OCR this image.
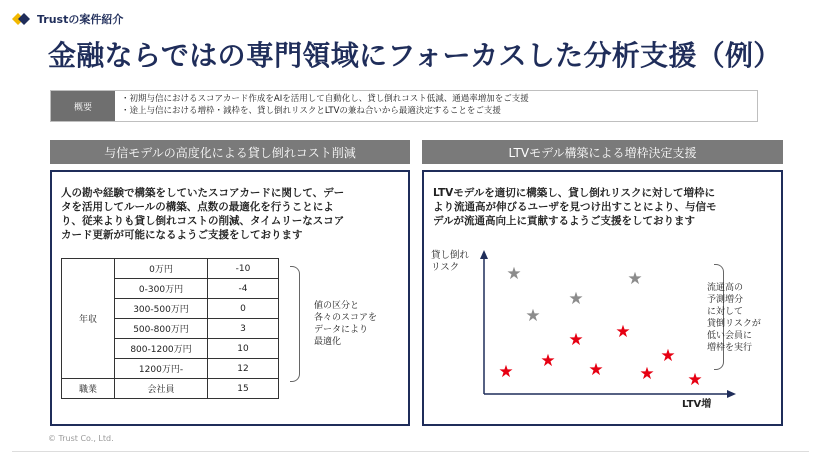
Trustの案件紹介
金融ならではの専門領域にフォーカスした分析支援（例）
概要
・ 初期与信におけるスコアカード作成をAIを活用して自動化し、貸し倒れコスト低減、通過率増加をご支援
・ 途上与信における増枠・減枠を、貸し倒れリスクとLTVの兼ね合いから最適決定することをご支援
与信モデルの高度化による貸し倒れコスト削減	LTVモデル構築による増枠決定支援
人の勘や経験で構築をしていたスコアカードに関して、デー
タを活用してルールの構築、点数の最適化を行うことによ
り、従来よりも貸し倒れコストの削減、タイムリーなスコア
カード更新が可能になるようご支援をしております
年収	0万円	-10
	0-300万円	-4
	300-500万円	0
	500-800万円	3
	800-1200万円	10
	1200万円-	12
職業	会社員	15
値の区分と
各々のスコアを
データにより
最適化
LTVモデルを適切に構築し、貸し倒れリスクに対して増枠に
より流通高が伸びるユーザを見つけ出すことにより、与信モ
デルが流通高向上に貢献するようご支援をしております
貸し倒れ
リスク	★	★
★
★
★ ★
★	★
★	★ ★ ★
LTV増
流通高の
予測増分
に対して
貸倒リスクが
低い会員に
増枠を実行
© Trust Co., Ltd.
